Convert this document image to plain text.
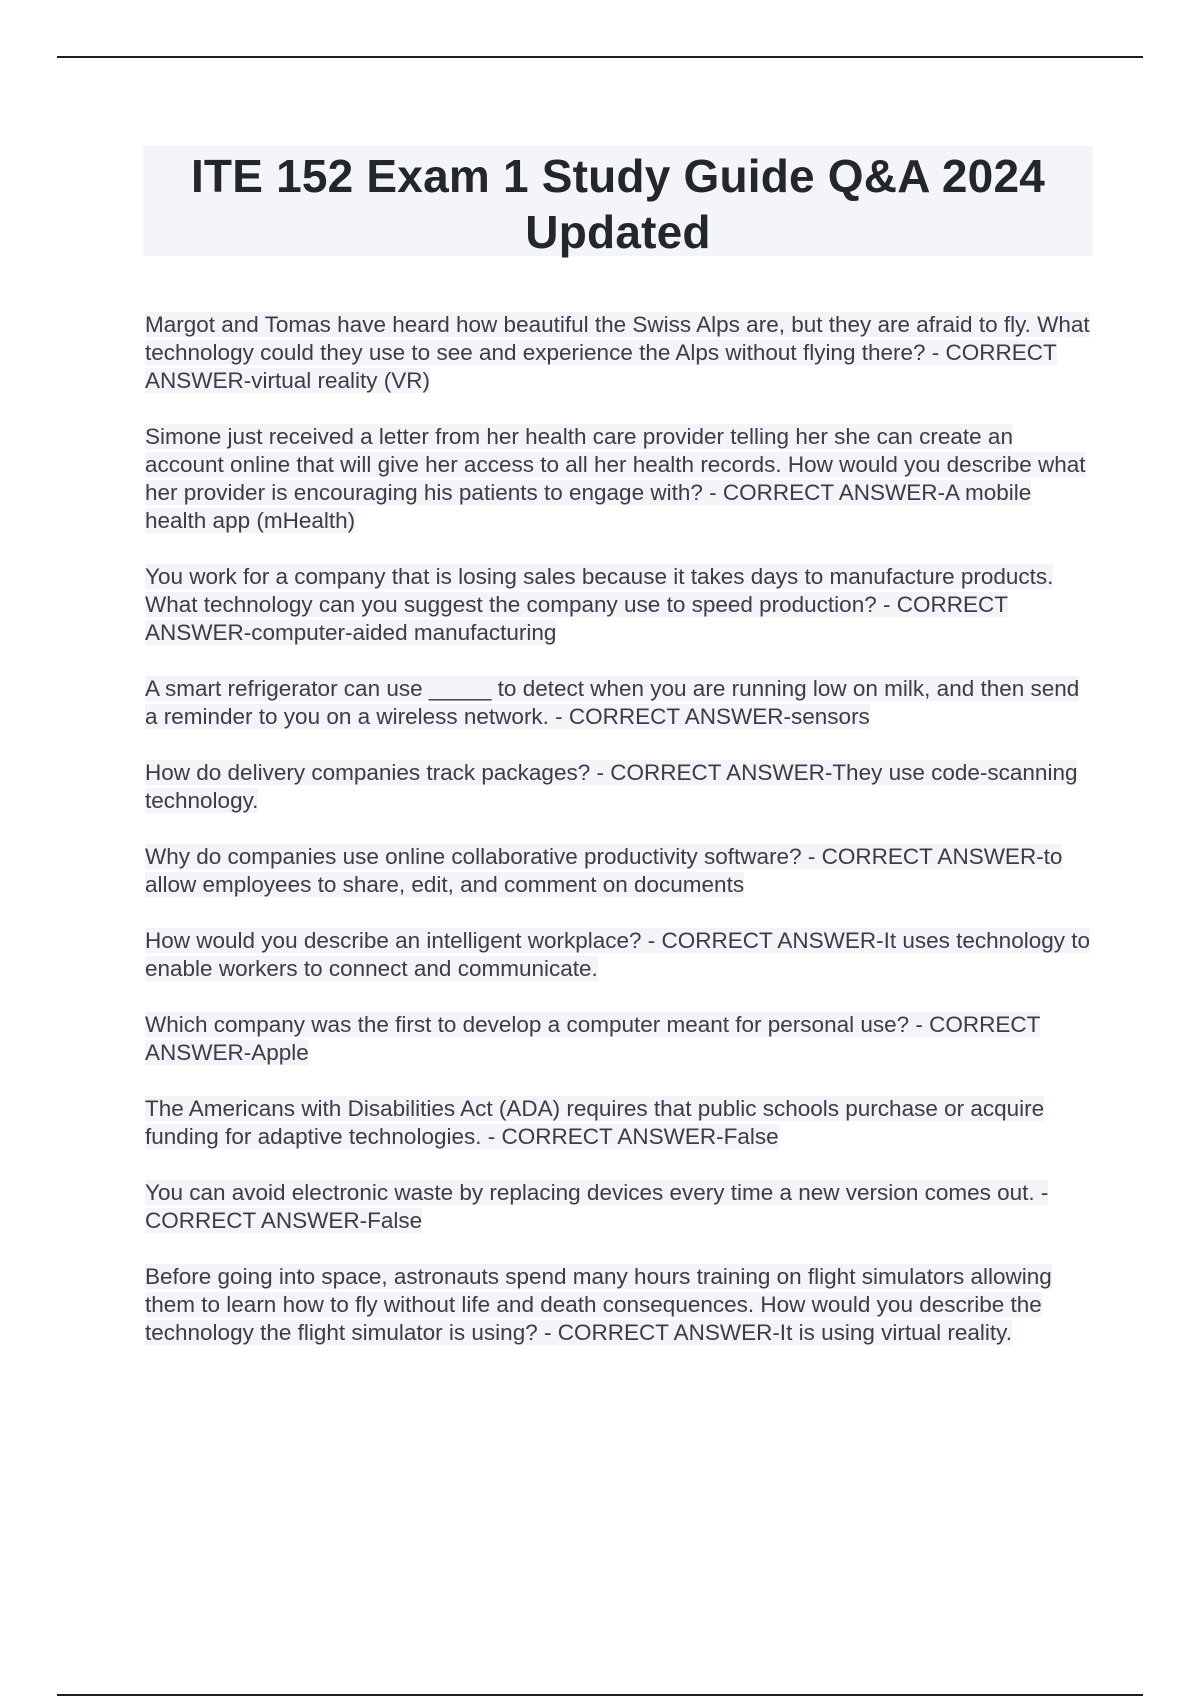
ITE 152 Exam 1 Study Guide Q&A 2024
Updated

Margot and Tomas have heard how beautiful the Swiss Alps are, but they are afraid to fly. What technology could they use to see and experience the Alps without flying there? - CORRECT ANSWER-virtual reality (VR)

Simone just received a letter from her health care provider telling her she can create an account online that will give her access to all her health records. How would you describe what her provider is encouraging his patients to engage with? - CORRECT ANSWER-A mobile health app (mHealth)

You work for a company that is losing sales because it takes days to manufacture products. What technology can you suggest the company use to speed production? - CORRECT ANSWER-computer-aided manufacturing

A smart refrigerator can use _____ to detect when you are running low on milk, and then send a reminder to you on a wireless network. - CORRECT ANSWER-sensors

How do delivery companies track packages? - CORRECT ANSWER-They use code-scanning technology.

Why do companies use online collaborative productivity software? - CORRECT ANSWER-to allow employees to share, edit, and comment on documents

How would you describe an intelligent workplace? - CORRECT ANSWER-It uses technology to enable workers to connect and communicate.

Which company was the first to develop a computer meant for personal use? - CORRECT ANSWER-Apple

The Americans with Disabilities Act (ADA) requires that public schools purchase or acquire funding for adaptive technologies. - CORRECT ANSWER-False

You can avoid electronic waste by replacing devices every time a new version comes out. - CORRECT ANSWER-False

Before going into space, astronauts spend many hours training on flight simulators allowing them to learn how to fly without life and death consequences. How would you describe the technology the flight simulator is using? - CORRECT ANSWER-It is using virtual reality.
